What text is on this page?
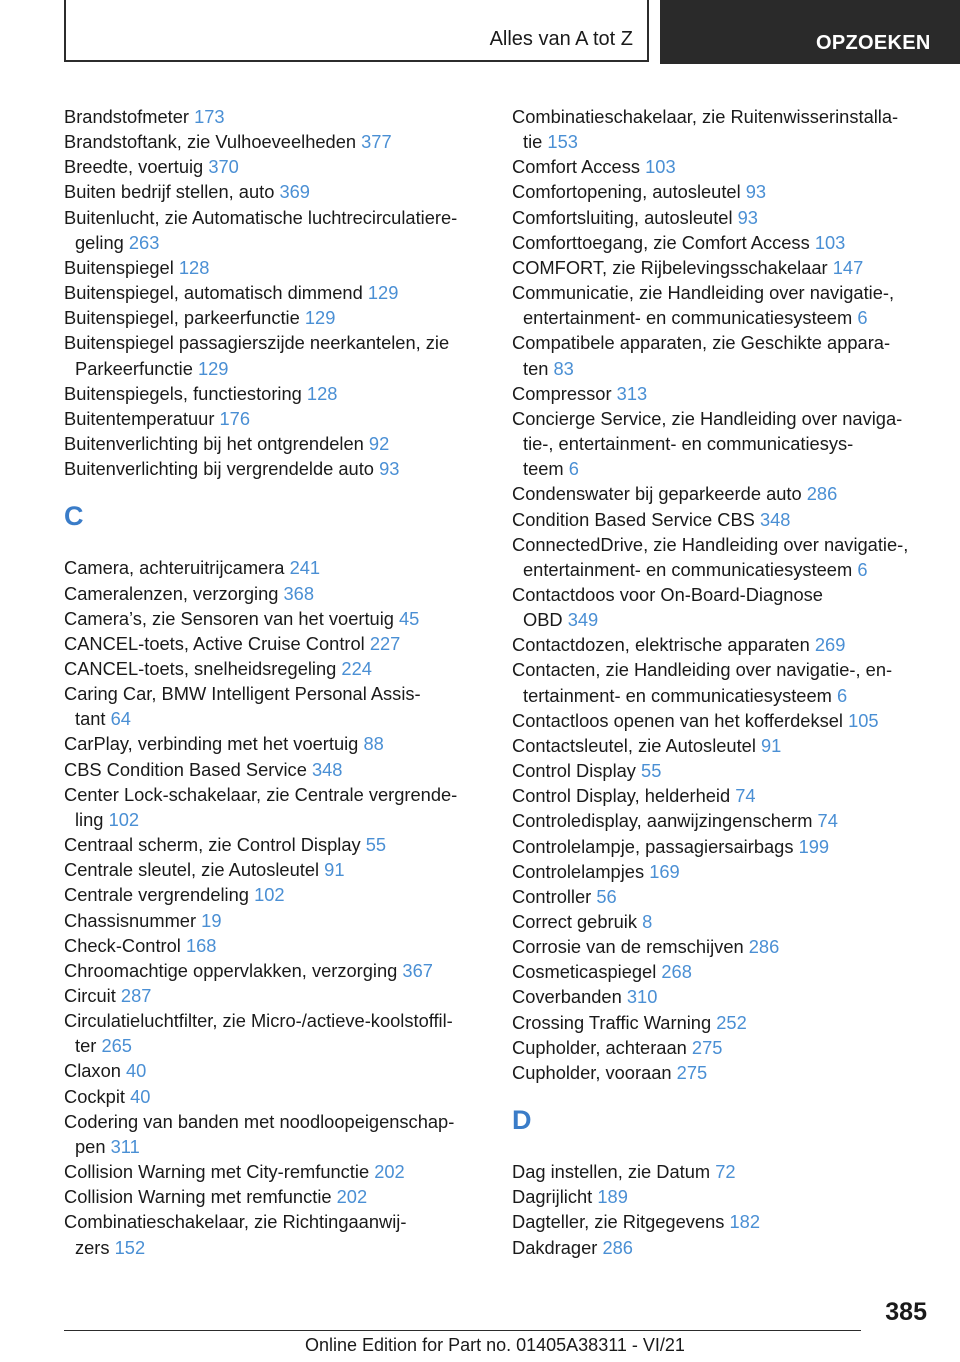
Alles van A tot Z	OPZOEKEN
Brandstofmeter 173
Brandstoftank, zie Vulhoeveelheden 377
Breedte, voertuig 370
Buiten bedrijf stellen, auto 369
Buitenlucht, zie Automatische luchtrecirculatiere‐
geling 263
Buitenspiegel 128
Buitenspiegel, automatisch dimmend 129
Buitenspiegel, parkeerfunctie 129
Buitenspiegel passagierszijde neerkantelen, zie
Parkeerfunctie 129
Buitenspiegels, functiestoring 128
Buitentemperatuur 176
Buitenverlichting bij het ontgrendelen 92
Buitenverlichting bij vergrendelde auto 93
C
Camera, achteruitrijcamera 241
Cameralenzen, verzorging 368
Camera’s, zie Sensoren van het voertuig 45
CANCEL-toets, Active Cruise Control 227
CANCEL-toets, snelheidsregeling 224
Caring Car, BMW Intelligent Personal Assis‐
tant 64
CarPlay, verbinding met het voertuig 88
CBS Condition Based Service 348
Center Lock-schakelaar, zie Centrale vergrende‐
ling 102
Centraal scherm, zie Control Display 55
Centrale sleutel, zie Autosleutel 91
Centrale vergrendeling 102
Chassisnummer 19
Check-Control 168
Chroomachtige oppervlakken, verzorging 367
Circuit 287
Circulatieluchtfilter, zie Micro-/actieve-koolstoffil‐
ter 265
Claxon 40
Cockpit 40
Codering van banden met noodloopeigenschap‐
pen 311
Collision Warning met City-remfunctie 202
Collision Warning met remfunctie 202
Combinatieschakelaar, zie Richtingaanwij‐
zers 152
Combinatieschakelaar, zie Ruitenwisserinstalla‐
tie 153
Comfort Access 103
Comfortopening, autosleutel 93
Comfortsluiting, autosleutel 93
Comforttoegang, zie Comfort Access 103
COMFORT, zie Rijbelevingsschakelaar 147
Communicatie, zie Handleiding over navigatie-,
entertainment- en communicatiesysteem 6
Compatibele apparaten, zie Geschikte appara‐
ten 83
Compressor 313
Concierge Service, zie Handleiding over naviga‐
tie-, entertainment- en communicatiesys‐
teem 6
Condenswater bij geparkeerde auto 286
Condition Based Service CBS 348
ConnectedDrive, zie Handleiding over navigatie-,
entertainment- en communicatiesysteem 6
Contactdoos voor On-Board-Diagnose
OBD 349
Contactdozen, elektrische apparaten 269
Contacten, zie Handleiding over navigatie-, en‐
tertainment- en communicatiesysteem 6
Contactloos openen van het kofferdeksel 105
Contactsleutel, zie Autosleutel 91
Control Display 55
Control Display, helderheid 74
Controledisplay, aanwijzingenscherm 74
Controlelampje, passagiersairbags 199
Controlelampjes 169
Controller 56
Correct gebruik 8
Corrosie van de remschijven 286
Cosmeticaspiegel 268
Coverbanden 310
Crossing Traffic Warning 252
Cupholder, achteraan 275
Cupholder, vooraan 275
D
Dag instellen, zie Datum 72
Dagrijlicht 189
Dagteller, zie Ritgegevens 182
Dakdrager 286
385
Online Edition for Part no. 01405A38311 - VI/21
